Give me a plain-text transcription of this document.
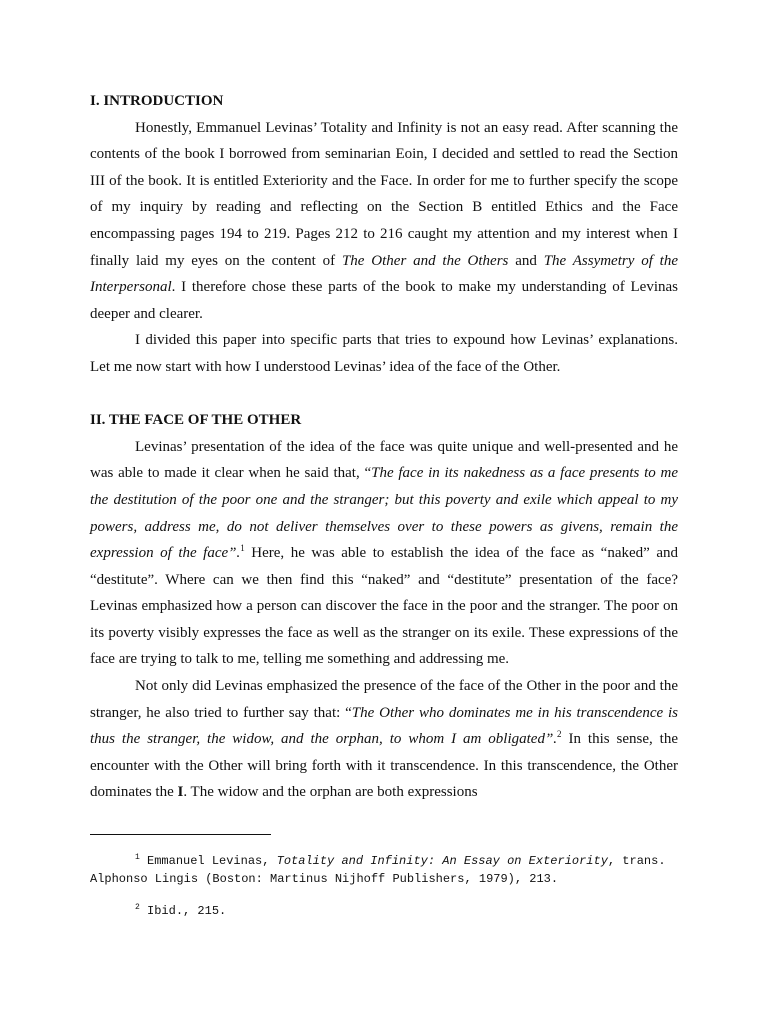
I. INTRODUCTION

Honestly, Emmanuel Levinas’ Totality and Infinity is not an easy read. After scanning the contents of the book I borrowed from seminarian Eoin, I decided and settled to read the Section III of the book. It is entitled Exteriority and the Face. In order for me to further specify the scope of my inquiry by reading and reflecting on the Section B entitled Ethics and the Face encompassing pages 194 to 219. Pages 212 to 216 caught my attention and my interest when I finally laid my eyes on the content of The Other and the Others and The Assymetry of the Interpersonal. I therefore chose these parts of the book to make my understanding of Levinas deeper and clearer.

I divided this paper into specific parts that tries to expound how Levinas’ explanations. Let me now start with how I understood Levinas’ idea of the face of the Other.

II. THE FACE OF THE OTHER

Levinas’ presentation of the idea of the face was quite unique and well-presented and he was able to made it clear when he said that, “The face in its nakedness as a face presents to me the destitution of the poor one and the stranger; but this poverty and exile which appeal to my powers, address me, do not deliver themselves over to these powers as givens, remain the expression of the face”.$^1$ Here, he was able to establish the idea of the face as “naked” and “destitute”. Where can we then find this “naked” and “destitute” presentation of the face? Levinas emphasized how a person can discover the face in the poor and the stranger. The poor on its poverty visibly expresses the face as well as the stranger on its exile. These expressions of the face are trying to talk to me, telling me something and addressing me.

Not only did Levinas emphasized the presence of the face of the Other in the poor and the stranger, he also tried to further say that: “The Other who dominates me in his transcendence is thus the stranger, the widow, and the orphan, to whom I am obligated”.$^2$ In this sense, the encounter with the Other will bring forth with it transcendence. In this transcendence, the Other dominates the I. The widow and the orphan are both expressions

$^1$ Emmanuel Levinas, Totality and Infinity: An Essay on Exteriority, trans. Alphonso Lingis (Boston: Martinus Nijhoff Publishers, 1979), 213.

$^2$ Ibid., 215.
